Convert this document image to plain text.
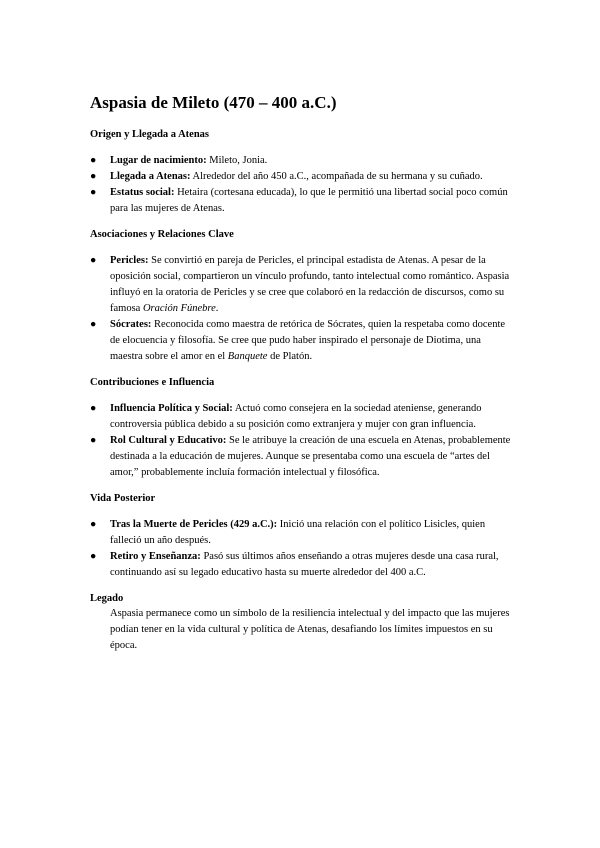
Aspasia de Mileto (470 – 400 a.C.)
Origen y Llegada a Atenas
● Lugar de nacimiento: Mileto, Jonia.
● Llegada a Atenas: Alrededor del año 450 a.C., acompañada de su hermana y su cuñado.
● Estatus social: Hetaira (cortesana educada), lo que le permitió una libertad social poco común para las mujeres de Atenas.
Asociaciones y Relaciones Clave
● Pericles: Se convirtió en pareja de Pericles, el principal estadista de Atenas. A pesar de la oposición social, compartieron un vínculo profundo, tanto intelectual como romántico. Aspasia influyó en la oratoria de Pericles y se cree que colaboró en la redacción de discursos, como su famosa Oración Fúnebre.
● Sócrates: Reconocida como maestra de retórica de Sócrates, quien la respetaba como docente de elocuencia y filosofía. Se cree que pudo haber inspirado el personaje de Diotima, una maestra sobre el amor en el Banquete de Platón.
Contribuciones e Influencia
● Influencia Política y Social: Actuó como consejera en la sociedad ateniense, generando controversia pública debido a su posición como extranjera y mujer con gran influencia.
● Rol Cultural y Educativo: Se le atribuye la creación de una escuela en Atenas, probablemente destinada a la educación de mujeres. Aunque se presentaba como una escuela de “artes del amor,” probablemente incluía formación intelectual y filosófica.
Vida Posterior
● Tras la Muerte de Pericles (429 a.C.): Inició una relación con el político Lisicles, quien falleció un año después.
● Retiro y Enseñanza: Pasó sus últimos años enseñando a otras mujeres desde una casa rural, continuando así su legado educativo hasta su muerte alrededor del 400 a.C.
Legado

Aspasia permanece como un símbolo de la resiliencia intelectual y del impacto que las mujeres podían tener en la vida cultural y política de Atenas, desafiando los límites impuestos en su época.
